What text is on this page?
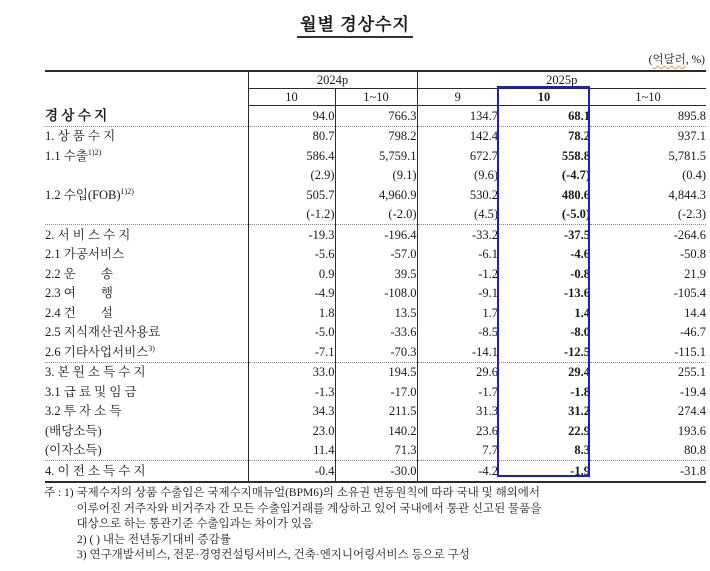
월별 경상수지
(억달러, %)
	2024p		2025p		
	10	1~10	9	10	1~10
경 상 수 지	94.0	766.3	134.7	68.1	895.8
1. 상 품 수 지	80.7	798.2	142.4	78.2	937.1
1.1 수출$^{1)2)}$	586.4	5,759.1	672.7	558.8	5,781.5
	(2.9)	(9.1)	(9.6)	(-4.7)	(0.4)
1.2 수입(FOB)$^{1)2)}$	505.7	4,960.9	530.2	480.6	4,844.3
	(-1.2)	(-2.0)	(4.5)	(-5.0)	(-2.3)
2. 서 비 스 수 지	-19.3	-196.4	-33.2	-37.5	-264.6
2.1 가공서비스	-5.6	-57.0	-6.1	-4.6	-50.8
2.2 운　　송	0.9	39.5	-1.2	-0.8	21.9
2.3 여　　행	-4.9	-108.0	-9.1	-13.6	-105.4
2.4 건　　설	1.8	13.5	1.7	1.4	14.4
2.5 지식재산권사용료	-5.0	-33.6	-8.5	-8.0	-46.7
2.6 기타사업서비스$^{3)}$	-7.1	-70.3	-14.1	-12.5	-115.1
3. 본 원 소 득 수 지	33.0	194.5	29.6	29.4	255.1
3.1 급 료 및 임 금	-1.3	-17.0	-1.7	-1.8	-19.4
3.2 투 자 소 득	34.3	211.5	31.3	31.2	274.4
(배당소득)	23.0	140.2	23.6	22.9	193.6
(이자소득)	11.4	71.3	7.7	8.3	80.8
4. 이 전 소 득 수 지	-0.4	-30.0	-4.2	-1.9	-31.8
주 : 1) 국제수지의 상품 수출입은 국제수지매뉴얼(BPM6)의 소유권 변동원칙에 따라 국내 및 해외에서
이루어진 거주자와 비거주자 간 모든 수출입거래를 계상하고 있어 국내에서 통관 신고된 물품을
대상으로 하는 통관기준 수출입과는 차이가 있음
2) ( ) 내는 전년동기대비 증감률
3) 연구개발서비스, 전문·경영컨설팅서비스, 건축·엔지니어링서비스 등으로 구성
